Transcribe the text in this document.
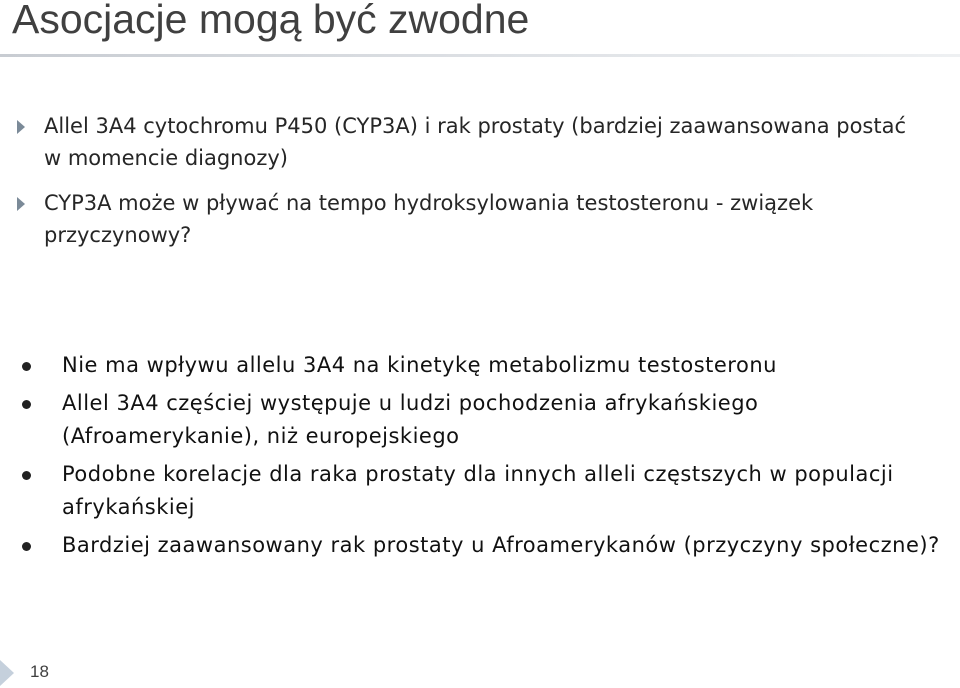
Asocjacje mogą być zwodne
Allel 3A4 cytochromu P450 (CYP3A) i rak prostaty (bardziej zaawansowana postać w momencie diagnozy)
CYP3A może w pływać na tempo hydroksylowania testosteronu - związek przyczynowy?
Nie ma wpływu allelu 3A4 na kinetykę metabolizmu testosteronu
Allel 3A4 częściej występuje u ludzi pochodzenia afrykańskiego (Afroamerykanie), niż europejskiego
Podobne korelacje dla raka prostaty dla innych alleli częstszych w populacji afrykańskiej
Bardziej zaawansowany rak prostaty u Afroamerykanów (przyczyny społeczne)?
18
